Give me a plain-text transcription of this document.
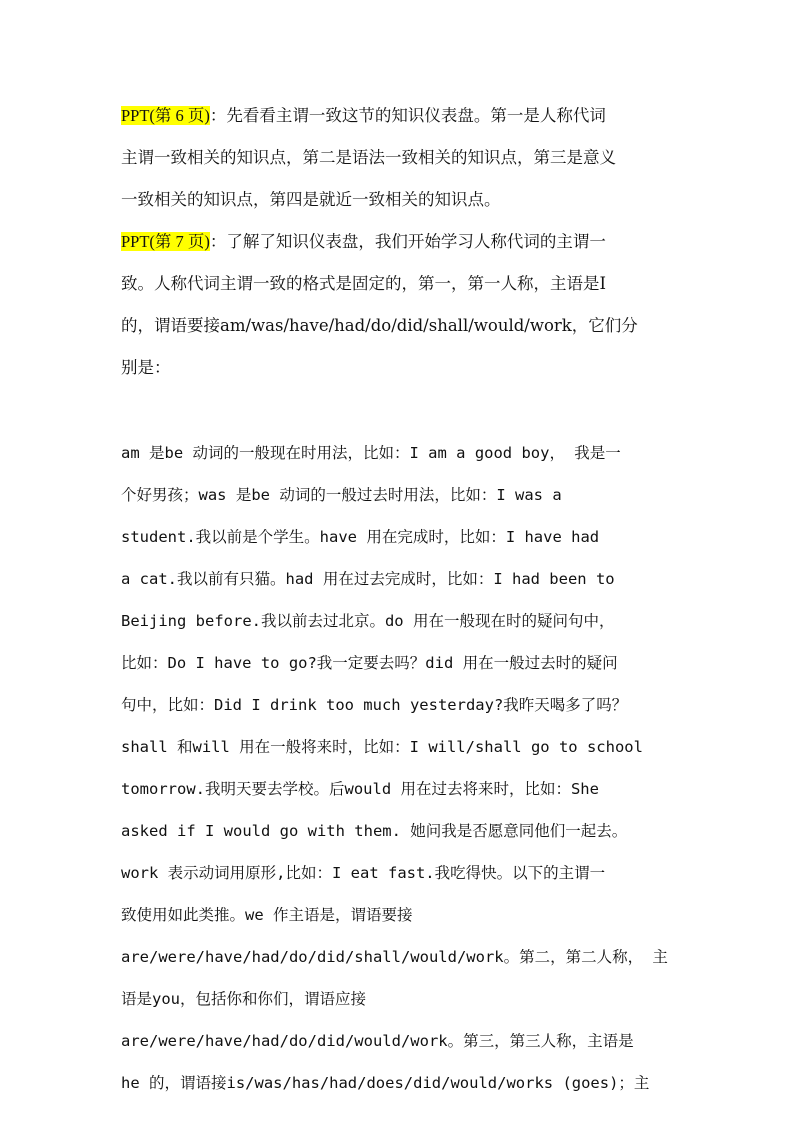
PPT(第 6 页)：先看看主谓一致这节的知识仪表盘。第一是人称代词
主谓一致相关的知识点，第二是语法一致相关的知识点，第三是意义
一致相关的知识点，第四是就近一致相关的知识点。
PPT(第 7 页)：了解了知识仪表盘，我们开始学习人称代词的主谓一
致。人称代词主谓一致的格式是固定的，第一，第一人称，主语是I
的，谓语要接am/was/have/had/do/did/shall/would/work，它们分
别是：
am 是be 动词的一般现在时用法，比如：I am a good boy， 我是一
个好男孩；was 是be 动词的一般过去时用法，比如：I was a
student.我以前是个学生。have 用在完成时，比如：I have had
a cat.我以前有只猫。had 用在过去完成时，比如：I had been to
Beijing before.我以前去过北京。do 用在一般现在时的疑问句中，
比如：Do I have to go?我一定要去吗？did 用在一般过去时的疑问
句中，比如：Did I drink too much yesterday?我昨天喝多了吗？
shall 和will 用在一般将来时，比如：I will/shall go to school
tomorrow.我明天要去学校。后would 用在过去将来时，比如：She
asked if I would go with them. 她问我是否愿意同他们一起去。
work 表示动词用原形,比如：I eat fast.我吃得快。以下的主谓一
致使用如此类推。we 作主语是，谓语要接
are/were/have/had/do/did/shall/would/work。第二，第二人称， 主
语是you，包括你和你们，谓语应接
are/were/have/had/do/did/would/work。第三，第三人称，主语是
he 的，谓语接is/was/has/had/does/did/would/works (goes)；主
